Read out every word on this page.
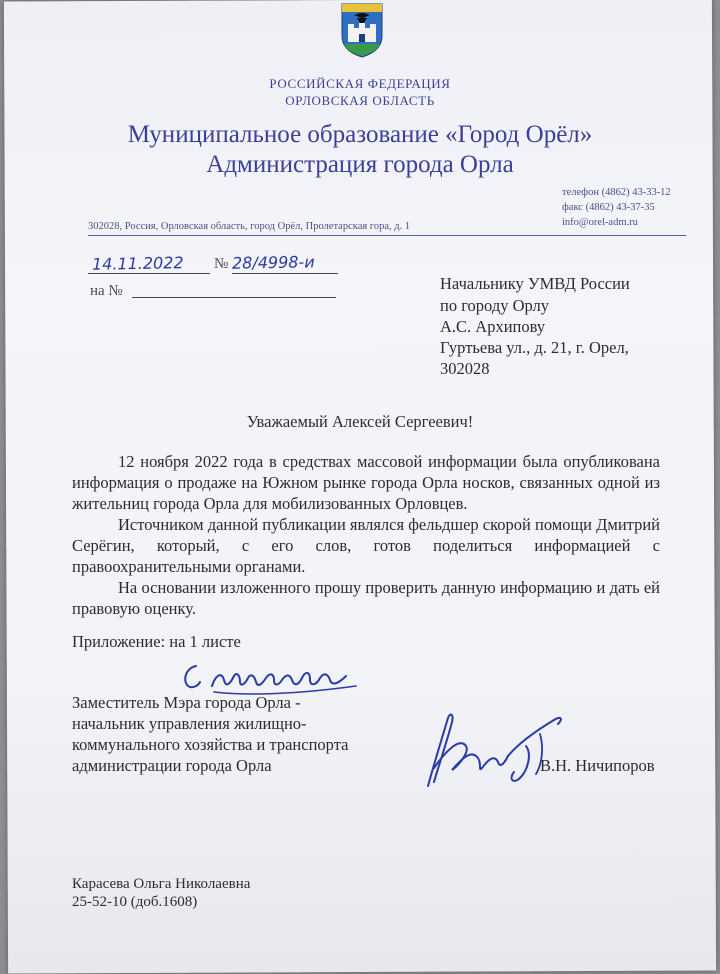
РОССИЙСКАЯ ФЕДЕРАЦИЯ
ОРЛОВСКАЯ ОБЛАСТЬ
Муниципальное образование «Город Орёл»
Администрация города Орла
телефон (4862) 43-33-12
факс (4862) 43-37-35
info@orel-adm.ru
302028, Россия, Орловская область, город Орёл, Пролетарская гора, д. 1
14.11.2022 № 28/4998-и
на №	Начальнику УМВД России
по городу Орлу
А.С. Архипову
Гуртьева ул., д. 21, г. Орел,
302028
Уважаемый Алексей Сергеевич!
12 ноября 2022 года в средствах массовой информации была опубликована информация о продаже на Южном рынке города Орла носков, связанных одной из жительниц города Орла для мобилизованных Орловцев.
Источником данной публикации являлся фельдшер скорой помощи Дмитрий Серёгин, который, с его слов, готов поделиться информацией с правоохранительными органами.
На основании изложенного прошу проверить данную информацию и дать ей правовую оценку.
Приложение: на 1 листе
Заместитель Мэра города Орла -
начальник управления жилищно-
коммунального хозяйства и транспорта
администрации города Орла	В.Н. Ничипоров
Карасева Ольга Николаевна
25-52-10 (доб.1608)
